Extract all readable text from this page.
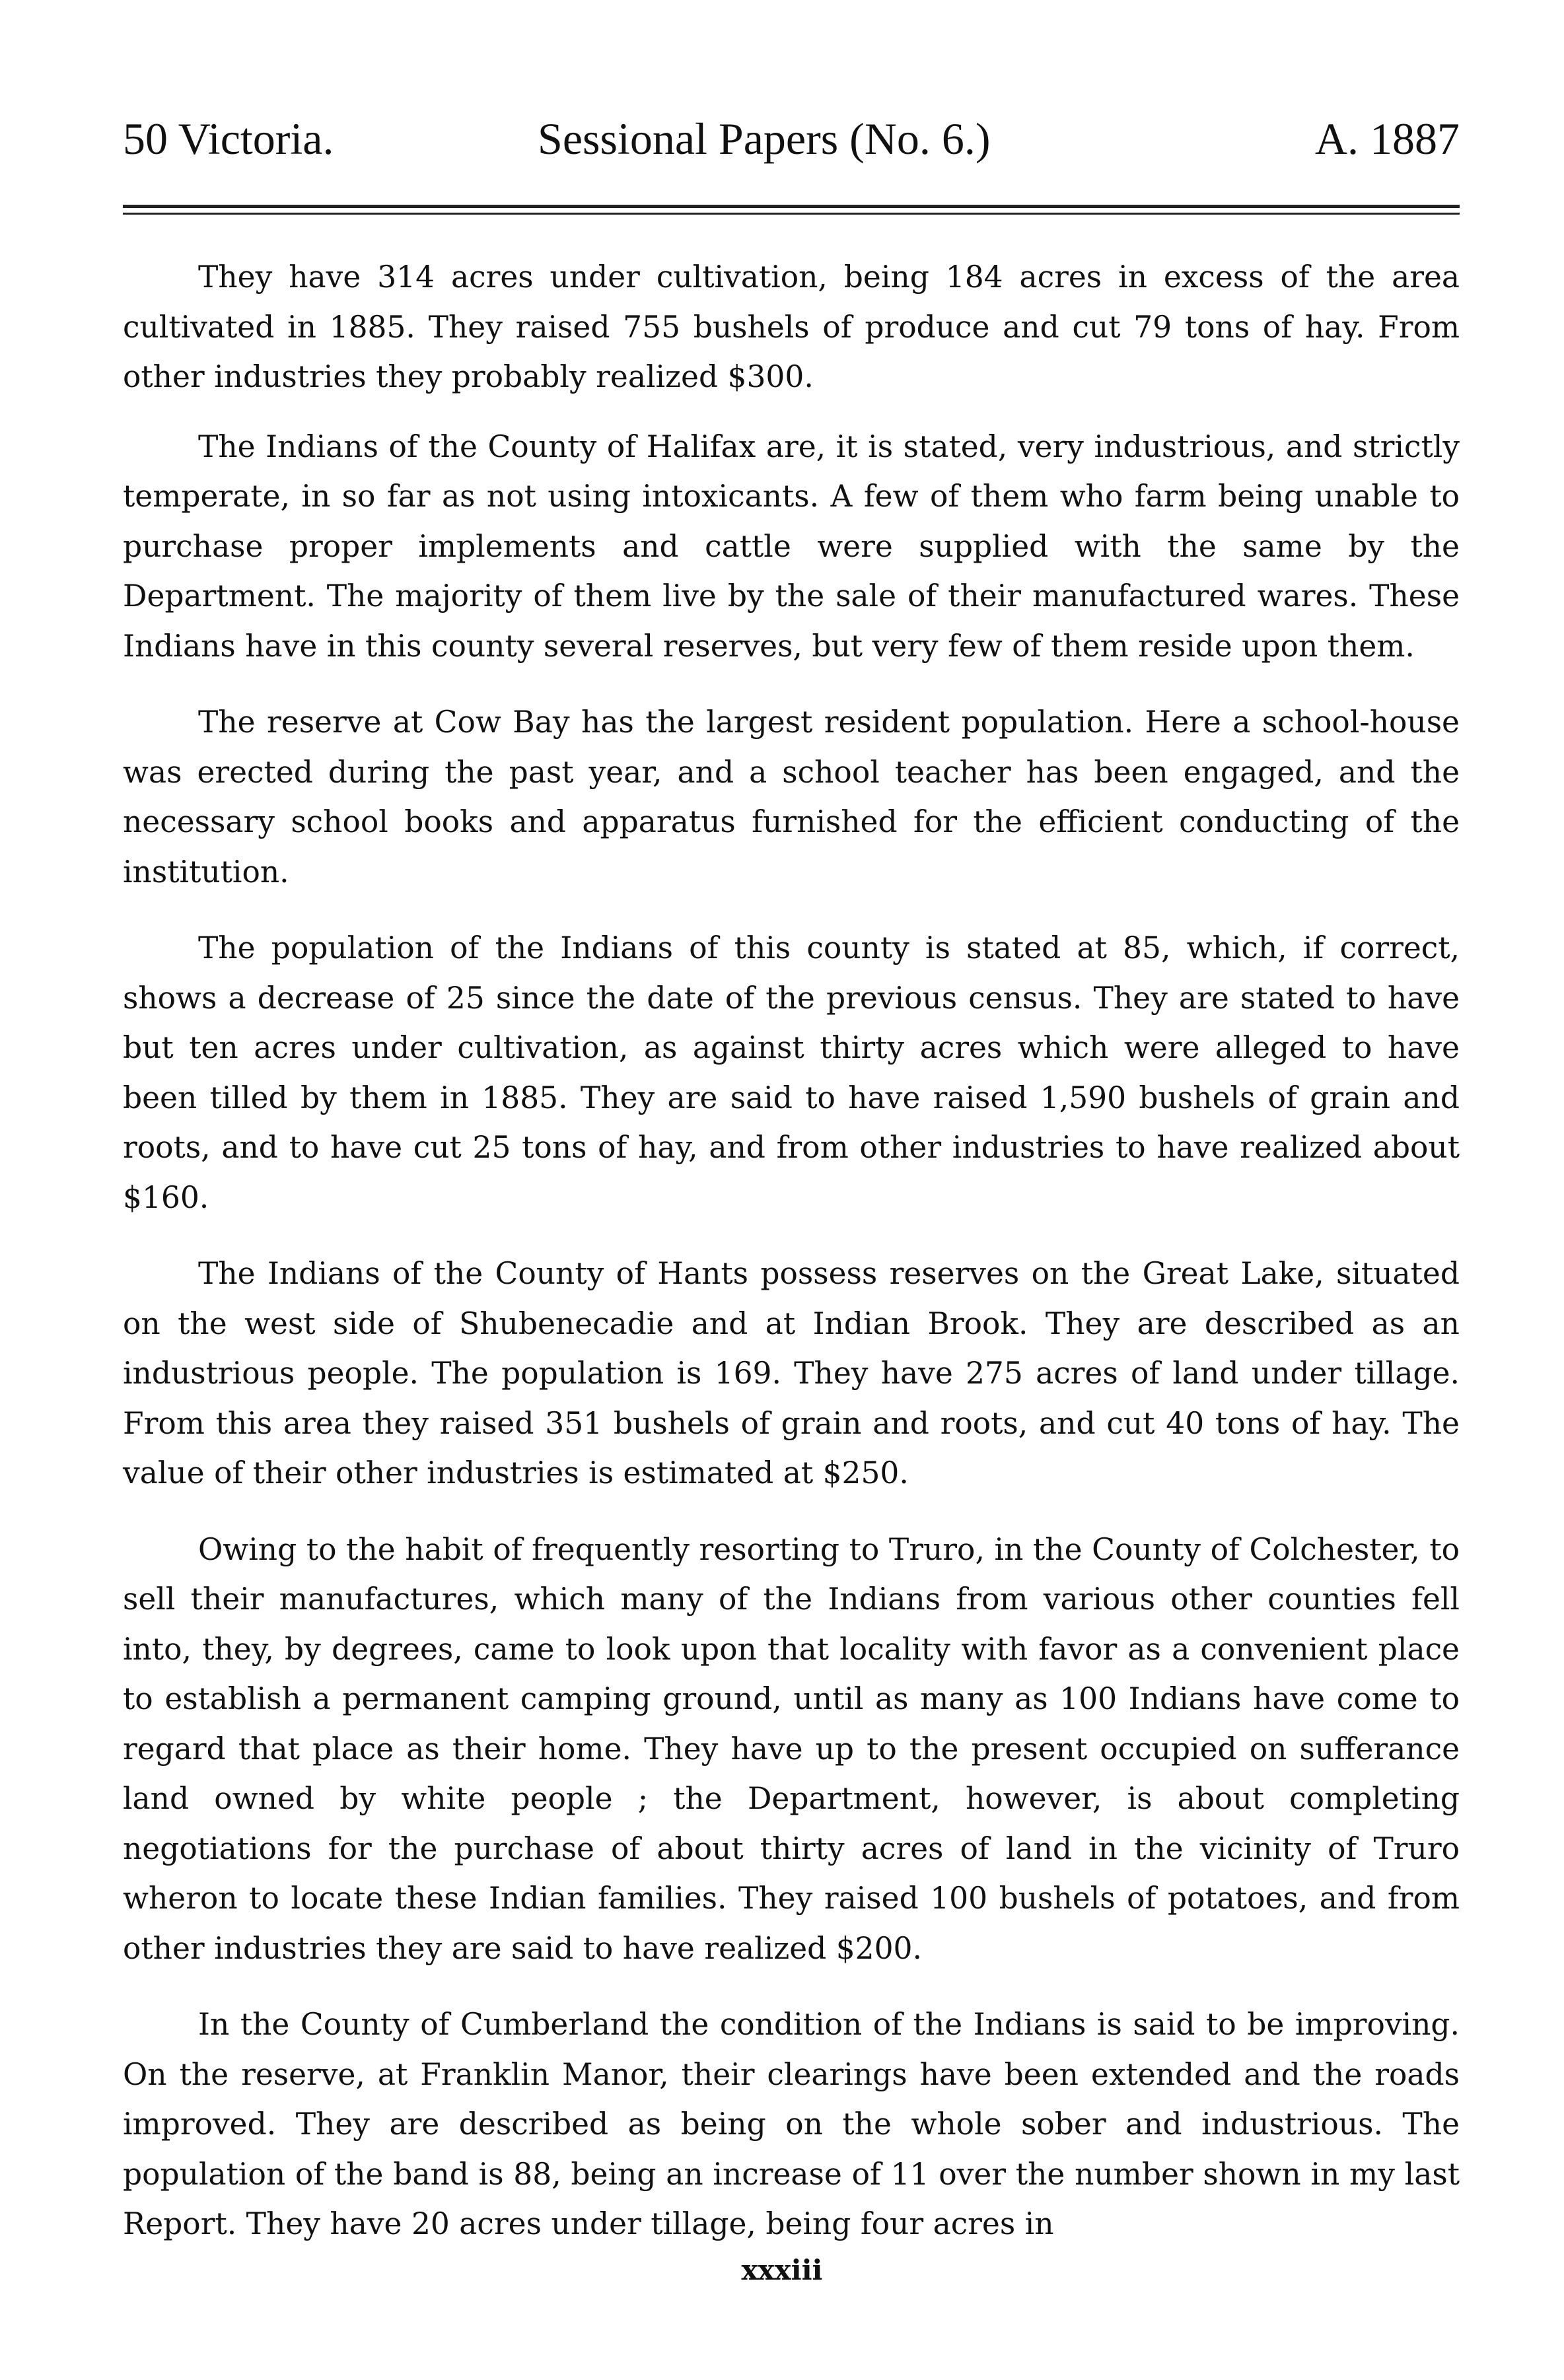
50 Victoria.	Sessional Papers (No. 6.)	A. 1887

They have 314 acres under cultivation, being 184 acres in excess of the area cultivated in 1885. They raised 755 bushels of produce and cut 79 tons of hay. From other industries they probably realized $300.

The Indians of the County of Halifax are, it is stated, very industrious, and strictly temperate, in so far as not using intoxicants. A few of them who farm being unable to purchase proper implements and cattle were supplied with the same by the Department. The majority of them live by the sale of their manufactured wares. These Indians have in this county several reserves, but very few of them reside upon them.

The reserve at Cow Bay has the largest resident population. Here a school-house was erected during the past year, and a school teacher has been engaged, and the necessary school books and apparatus furnished for the efficient conducting of the institution.

The population of the Indians of this county is stated at 85, which, if correct, shows a decrease of 25 since the date of the previous census. They are stated to have but ten acres under cultivation, as against thirty acres which were alleged to have been tilled by them in 1885. They are said to have raised 1,590 bushels of grain and roots, and to have cut 25 tons of hay, and from other industries to have realized about $160.

The Indians of the County of Hants possess reserves on the Great Lake, situated on the west side of Shubenecadie and at Indian Brook. They are described as an industrious people. The population is 169. They have 275 acres of land under tillage. From this area they raised 351 bushels of grain and roots, and cut 40 tons of hay. The value of their other industries is estimated at $250.

Owing to the habit of frequently resorting to Truro, in the County of Colchester, to sell their manufactures, which many of the Indians from various other counties fell into, they, by degrees, came to look upon that locality with favor as a convenient place to establish a permanent camping ground, until as many as 100 Indians have come to regard that place as their home. They have up to the present occupied on sufferance land owned by white people ; the Department, however, is about completing negotiations for the purchase of about thirty acres of land in the vicinity of Truro wheron to locate these Indian families. They raised 100 bushels of potatoes, and from other industries they are said to have realized $200.

In the County of Cumberland the condition of the Indians is said to be improving. On the reserve, at Franklin Manor, their clearings have been extended and the roads improved. They are described as being on the whole sober and industrious. The population of the band is 88, being an increase of 11 over the number shown in my last Report. They have 20 acres under tillage, being four acres in

xxxiii
